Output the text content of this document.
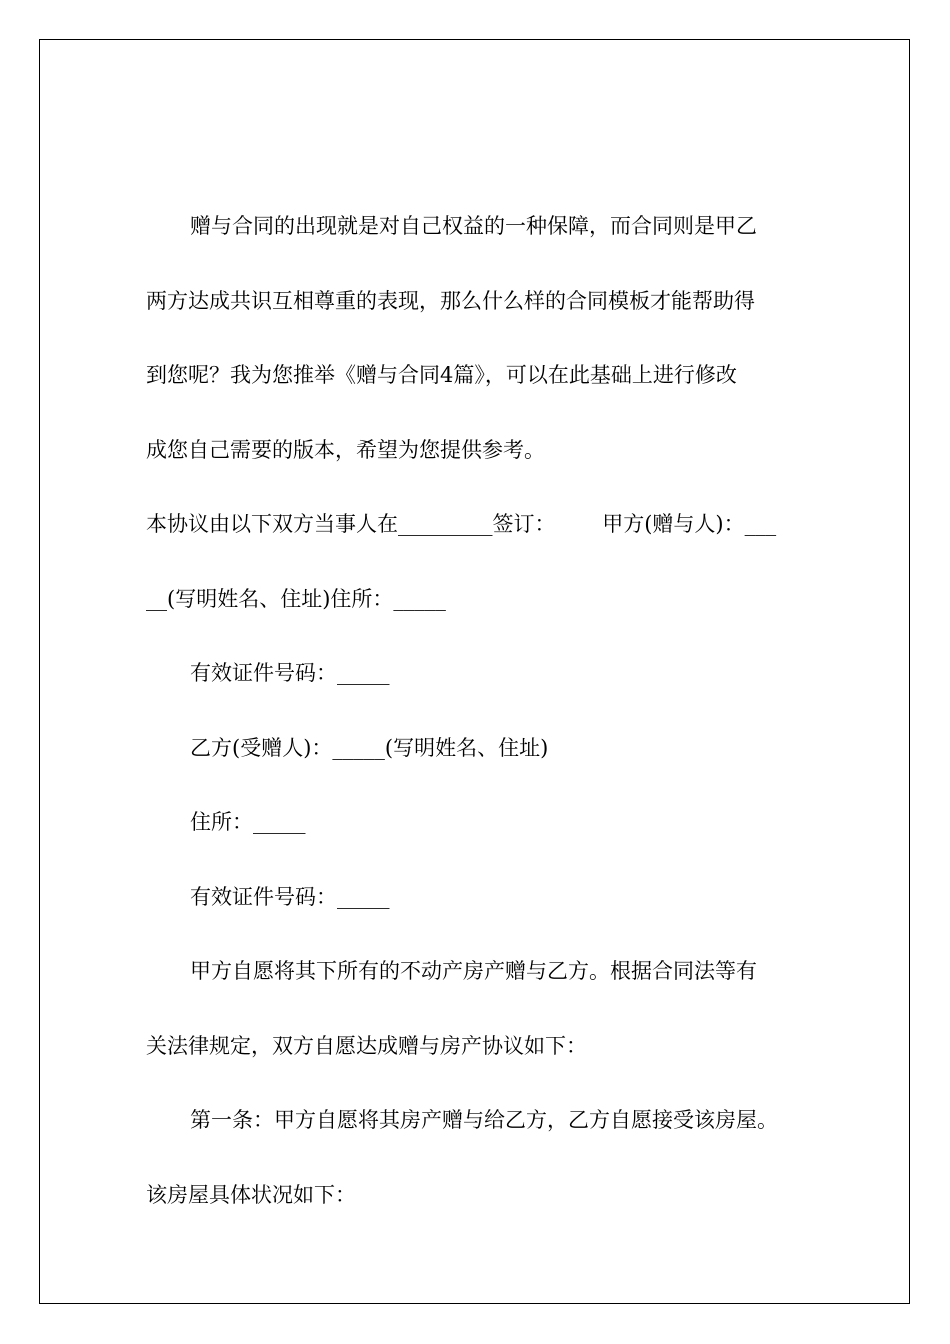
赠与合同的出现就是对自己权益的一种保障，而合同则是甲乙
两方达成共识互相尊重的表现，那么什么样的合同模板才能帮助得
到您呢？我为您推举《赠与合同4篇》，可以在此基础上进行修改
成您自己需要的版本，希望为您提供参考。
本协议由以下双方当事人在_________签订：       甲方(赠与人)：___
__(写明姓名、住址)住所：_____
有效证件号码：_____
乙方(受赠人)：_____(写明姓名、住址)
住所：_____
有效证件号码：_____
甲方自愿将其下所有的不动产房产赠与乙方。根据合同法等有
关法律规定，双方自愿达成赠与房产协议如下：
第一条：甲方自愿将其房产赠与给乙方，乙方自愿接受该房屋。
该房屋具体状况如下：
